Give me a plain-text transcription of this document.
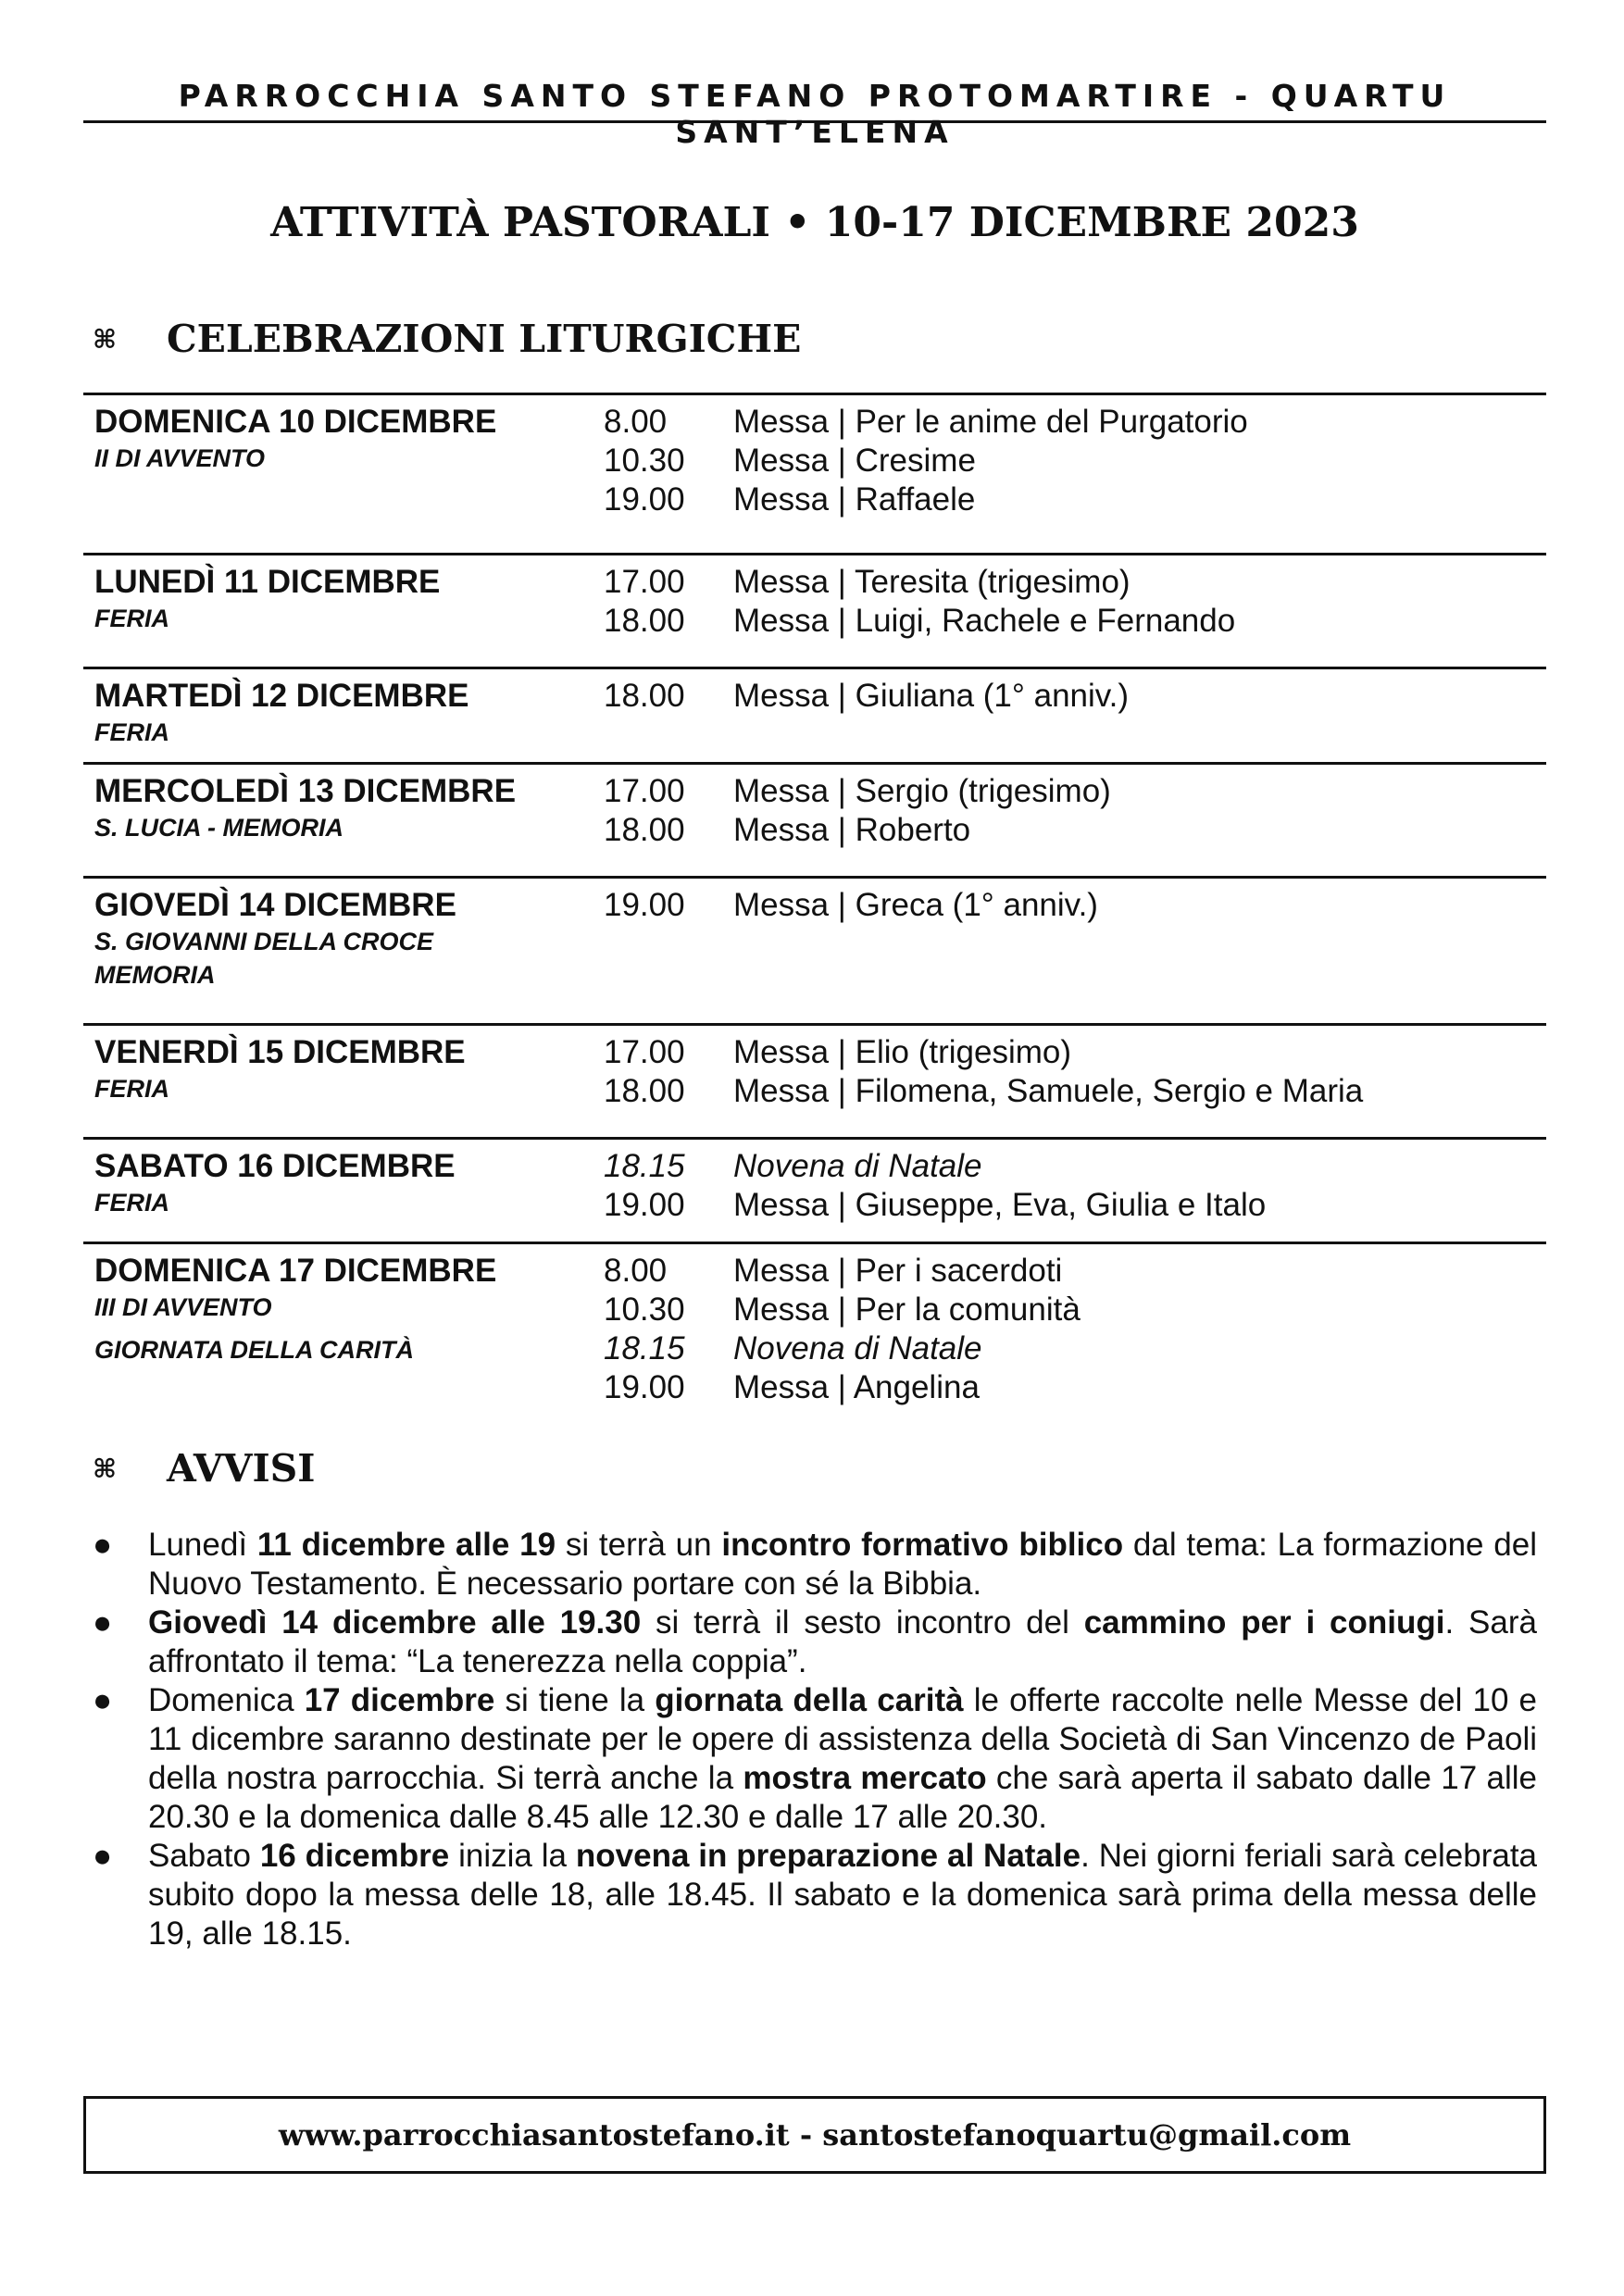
PARROCCHIA SANTO STEFANO PROTOMARTIRE - QUARTU SANT’ELENA
ATTIVITÀ PASTORALI • 10-17 DICEMBRE 2023
⌘ CELEBRAZIONI LITURGICHE
DOMENICA 10 DICEMBRE
II DI AVVENTO
8.00 Messa | Per le anime del Purgatorio
10.30 Messa | Cresime
19.00 Messa | Raffaele
LUNEDÌ 11 DICEMBRE
FERIA
17.00 Messa | Teresita (trigesimo)
18.00 Messa | Luigi, Rachele e Fernando
MARTEDÌ 12 DICEMBRE
FERIA
18.00 Messa | Giuliana (1° anniv.)
MERCOLEDÌ 13 DICEMBRE
S. LUCIA - MEMORIA
17.00 Messa | Sergio (trigesimo)
18.00 Messa | Roberto
GIOVEDÌ 14 DICEMBRE
S. GIOVANNI DELLA CROCE
MEMORIA
19.00 Messa | Greca (1° anniv.)
VENERDÌ 15 DICEMBRE
FERIA
17.00 Messa | Elio (trigesimo)
18.00 Messa | Filomena, Samuele, Sergio e Maria
SABATO 16 DICEMBRE
FERIA
18.15 Novena di Natale
19.00 Messa | Giuseppe, Eva, Giulia e Italo
DOMENICA 17 DICEMBRE
III DI AVVENTO
GIORNATA DELLA CARITÀ
8.00 Messa | Per i sacerdoti
10.30 Messa | Per la comunità
18.15 Novena di Natale
19.00 Messa | Angelina
⌘ AVVISI
● Lunedì 11 dicembre alle 19 si terrà un incontro formativo biblico dal tema: La formazione del Nuovo Testamento. È necessario portare con sé la Bibbia.
● Giovedì 14 dicembre alle 19.30 si terrà il sesto incontro del cammino per i coniugi. Sarà affrontato il tema: “La tenerezza nella coppia”.
● Domenica 17 dicembre si tiene la giornata della carità le offerte raccolte nelle Messe del 10 e 11 dicembre saranno destinate per le opere di assistenza della Società di San Vincenzo de Paoli della nostra parrocchia. Si terrà anche la mostra mercato che sarà aperta il sabato dalle 17 alle 20.30 e la domenica dalle 8.45 alle 12.30 e dalle 17 alle 20.30.
● Sabato 16 dicembre inizia la novena in preparazione al Natale. Nei giorni feriali sarà celebrata subito dopo la messa delle 18, alle 18.45. Il sabato e la domenica sarà prima della messa delle 19, alle 18.15.
www.parrocchiasantostefano.it - santostefanoquartu@gmail.com
